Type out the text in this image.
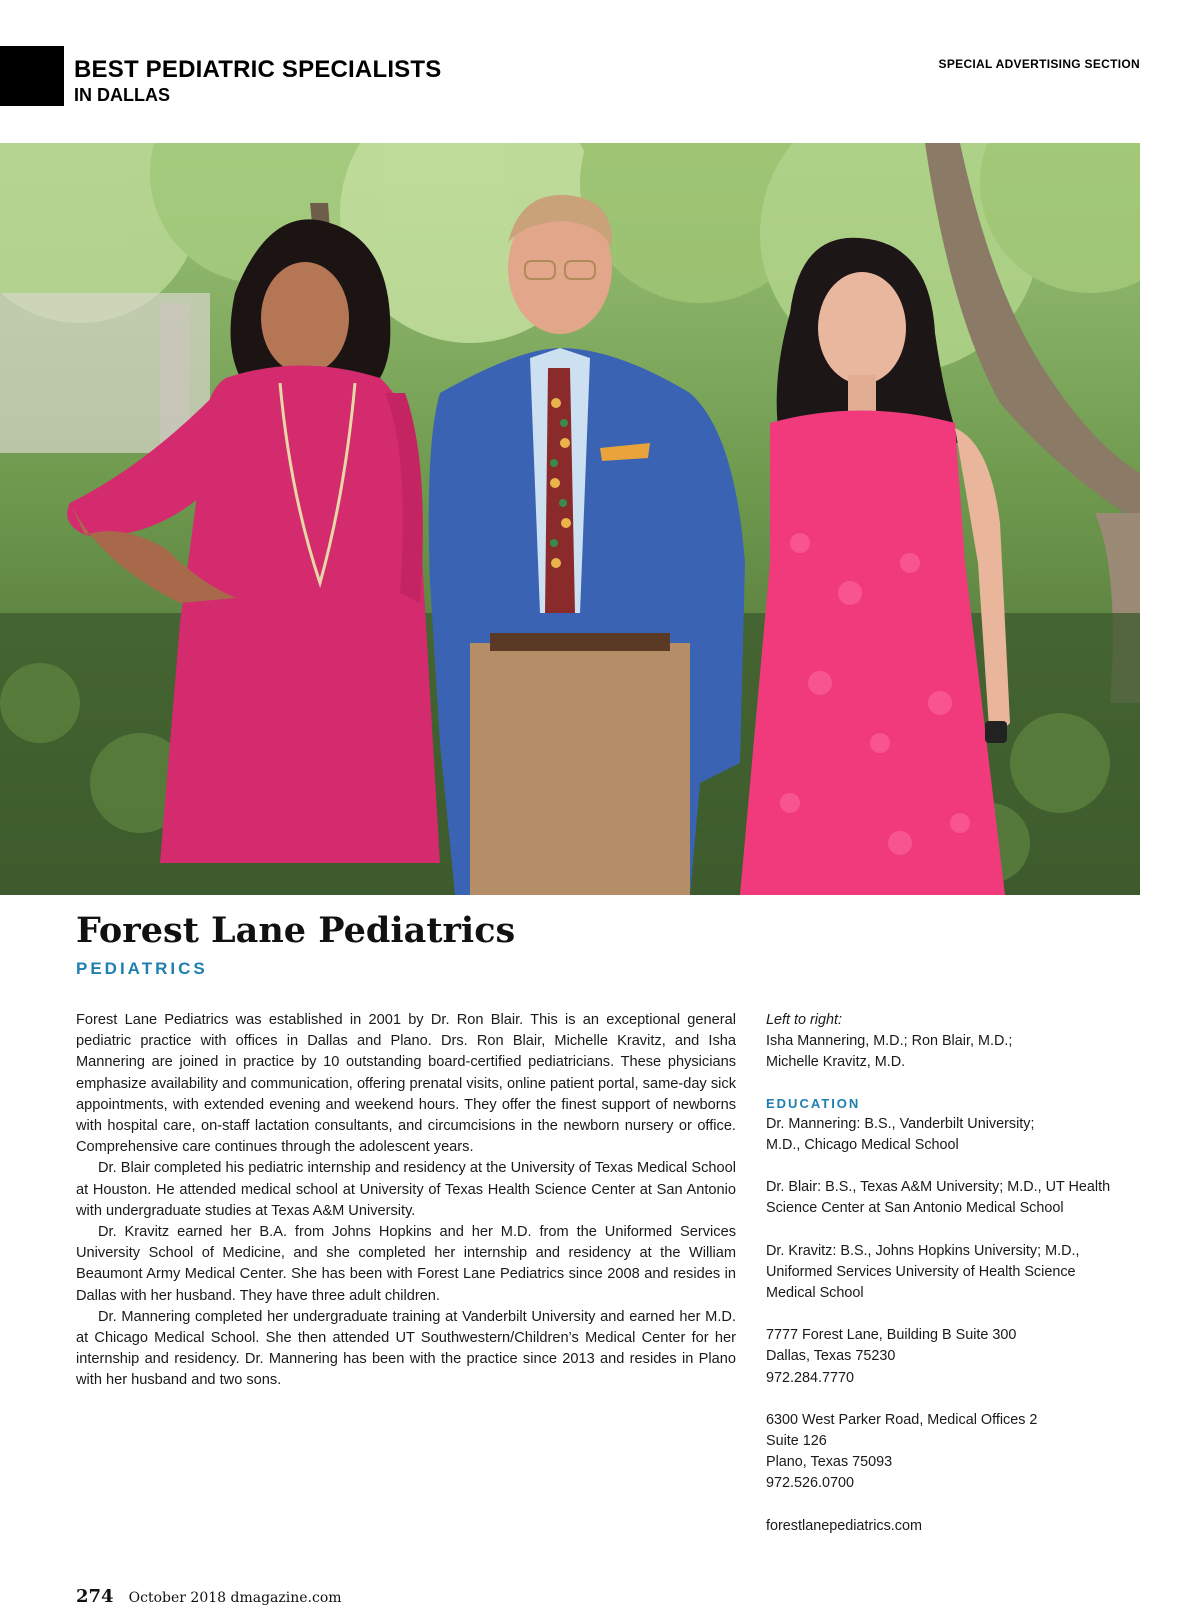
BEST PEDIATRIC SPECIALISTS
IN DALLAS
SPECIAL ADVERTISING SECTION
Forest Lane Pediatrics
PEDIATRICS

Forest Lane Pediatrics was established in 2001 by Dr. Ron Blair. This is an exceptional general pediatric practice with offices in Dallas and Plano. Drs. Ron Blair, Michelle Kravitz, and Isha Mannering are joined in practice by 10 outstanding board-certified pediatricians. These physicians emphasize availability and communication, offering prenatal visits, online patient portal, same-day sick appointments, with extended evening and weekend hours. They offer the finest support of newborns with hospital care, on-staff lactation consultants, and circumcisions in the newborn nursery or office. Comprehensive care continues through the adolescent years.

Dr. Blair completed his pediatric internship and residency at the University of Texas Medical School at Houston. He attended medical school at University of Texas Health Science Center at San Antonio with undergraduate studies at Texas A&M University.

Dr. Kravitz earned her B.A. from Johns Hopkins and her M.D. from the Uniformed Services University School of Medicine, and she completed her internship and residency at the William Beaumont Army Medical Center. She has been with Forest Lane Pediatrics since 2008 and resides in Dallas with her husband. They have three adult children.

Dr. Mannering completed her undergraduate training at Vanderbilt University and earned her M.D. at Chicago Medical School. She then attended UT Southwestern/Children’s Medical Center for her internship and residency. Dr. Mannering has been with the practice since 2013 and resides in Plano with her husband and two sons.

Left to right:
Isha Mannering, M.D.; Ron Blair, M.D.;
Michelle Kravitz, M.D.
EDUCATION
Dr. Mannering: B.S., Vanderbilt University;
M.D., Chicago Medical School
Dr. Blair: B.S., Texas A&M University; M.D., UT Health
Science Center at San Antonio Medical School
Dr. Kravitz: B.S., Johns Hopkins University; M.D.,
Uniformed Services University of Health Science
Medical School
7777 Forest Lane, Building B Suite 300
Dallas, Texas 75230
972.284.7770
6300 West Parker Road, Medical Offices 2
Suite 126
Plano, Texas 75093
972.526.0700
forestlanepediatrics.com
274 October 2018 dmagazine.com
